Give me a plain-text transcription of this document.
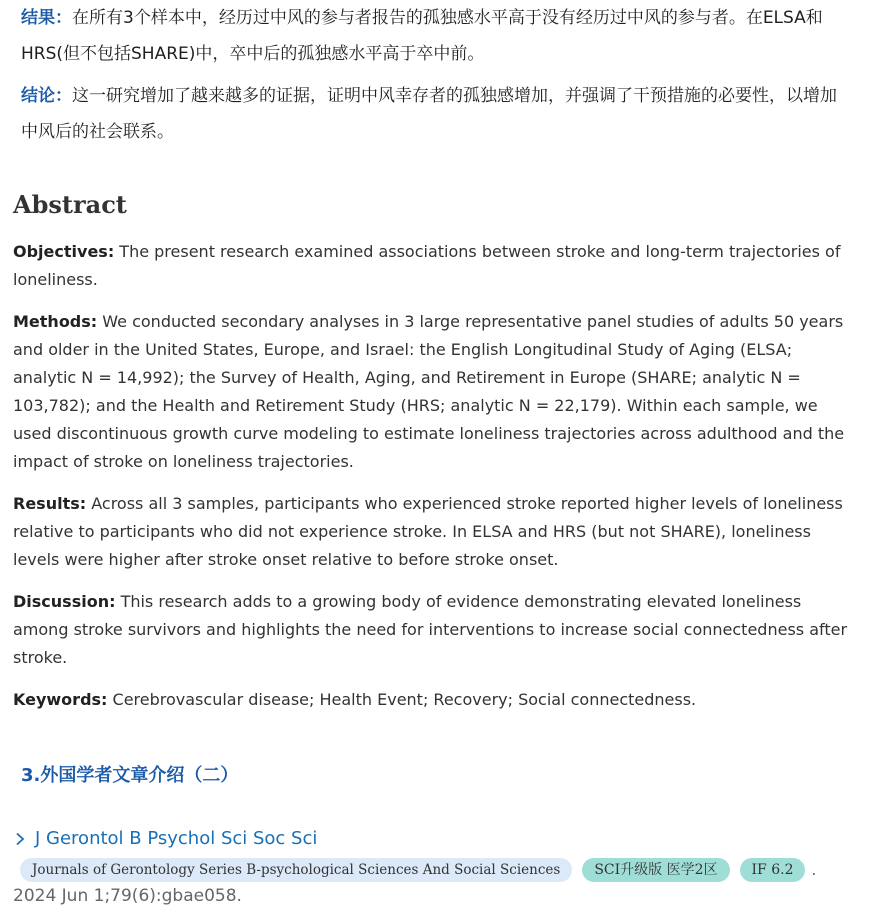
结果：在所有3个样本中，经历过中风的参与者报告的孤独感水平高于没有经历过中风的参与者。在ELSA和HRS(但不包括SHARE)中，卒中后的孤独感水平高于卒中前。
结论：这一研究增加了越来越多的证据，证明中风幸存者的孤独感增加，并强调了干预措施的必要性，以增加中风后的社会联系。
Abstract

Objectives: The present research examined associations between stroke and long-term trajectories of loneliness.

Methods: We conducted secondary analyses in 3 large representative panel studies of adults 50 years and older in the United States, Europe, and Israel: the English Longitudinal Study of Aging (ELSA; analytic N = 14,992); the Survey of Health, Aging, and Retirement in Europe (SHARE; analytic N = 103,782); and the Health and Retirement Study (HRS; analytic N = 22,179). Within each sample, we used discontinuous growth curve modeling to estimate loneliness trajectories across adulthood and the impact of stroke on loneliness trajectories.

Results: Across all 3 samples, participants who experienced stroke reported higher levels of loneliness relative to participants who did not experience stroke. In ELSA and HRS (but not SHARE), loneliness levels were higher after stroke onset relative to before stroke onset.

Discussion: This research adds to a growing body of evidence demonstrating elevated loneliness among stroke survivors and highlights the need for interventions to increase social connectedness after stroke.

Keywords: Cerebrovascular disease; Health Event; Recovery; Social connectedness.

3.外国学者文章介绍（二）
J Gerontol B Psychol Sci Soc Sci
Journals of Gerontology Series B-psychological Sciences And Social Sciences	SCI升级版 医学2区	IF 6.2	.

2024 Jun 1;79(6):gbae058.
